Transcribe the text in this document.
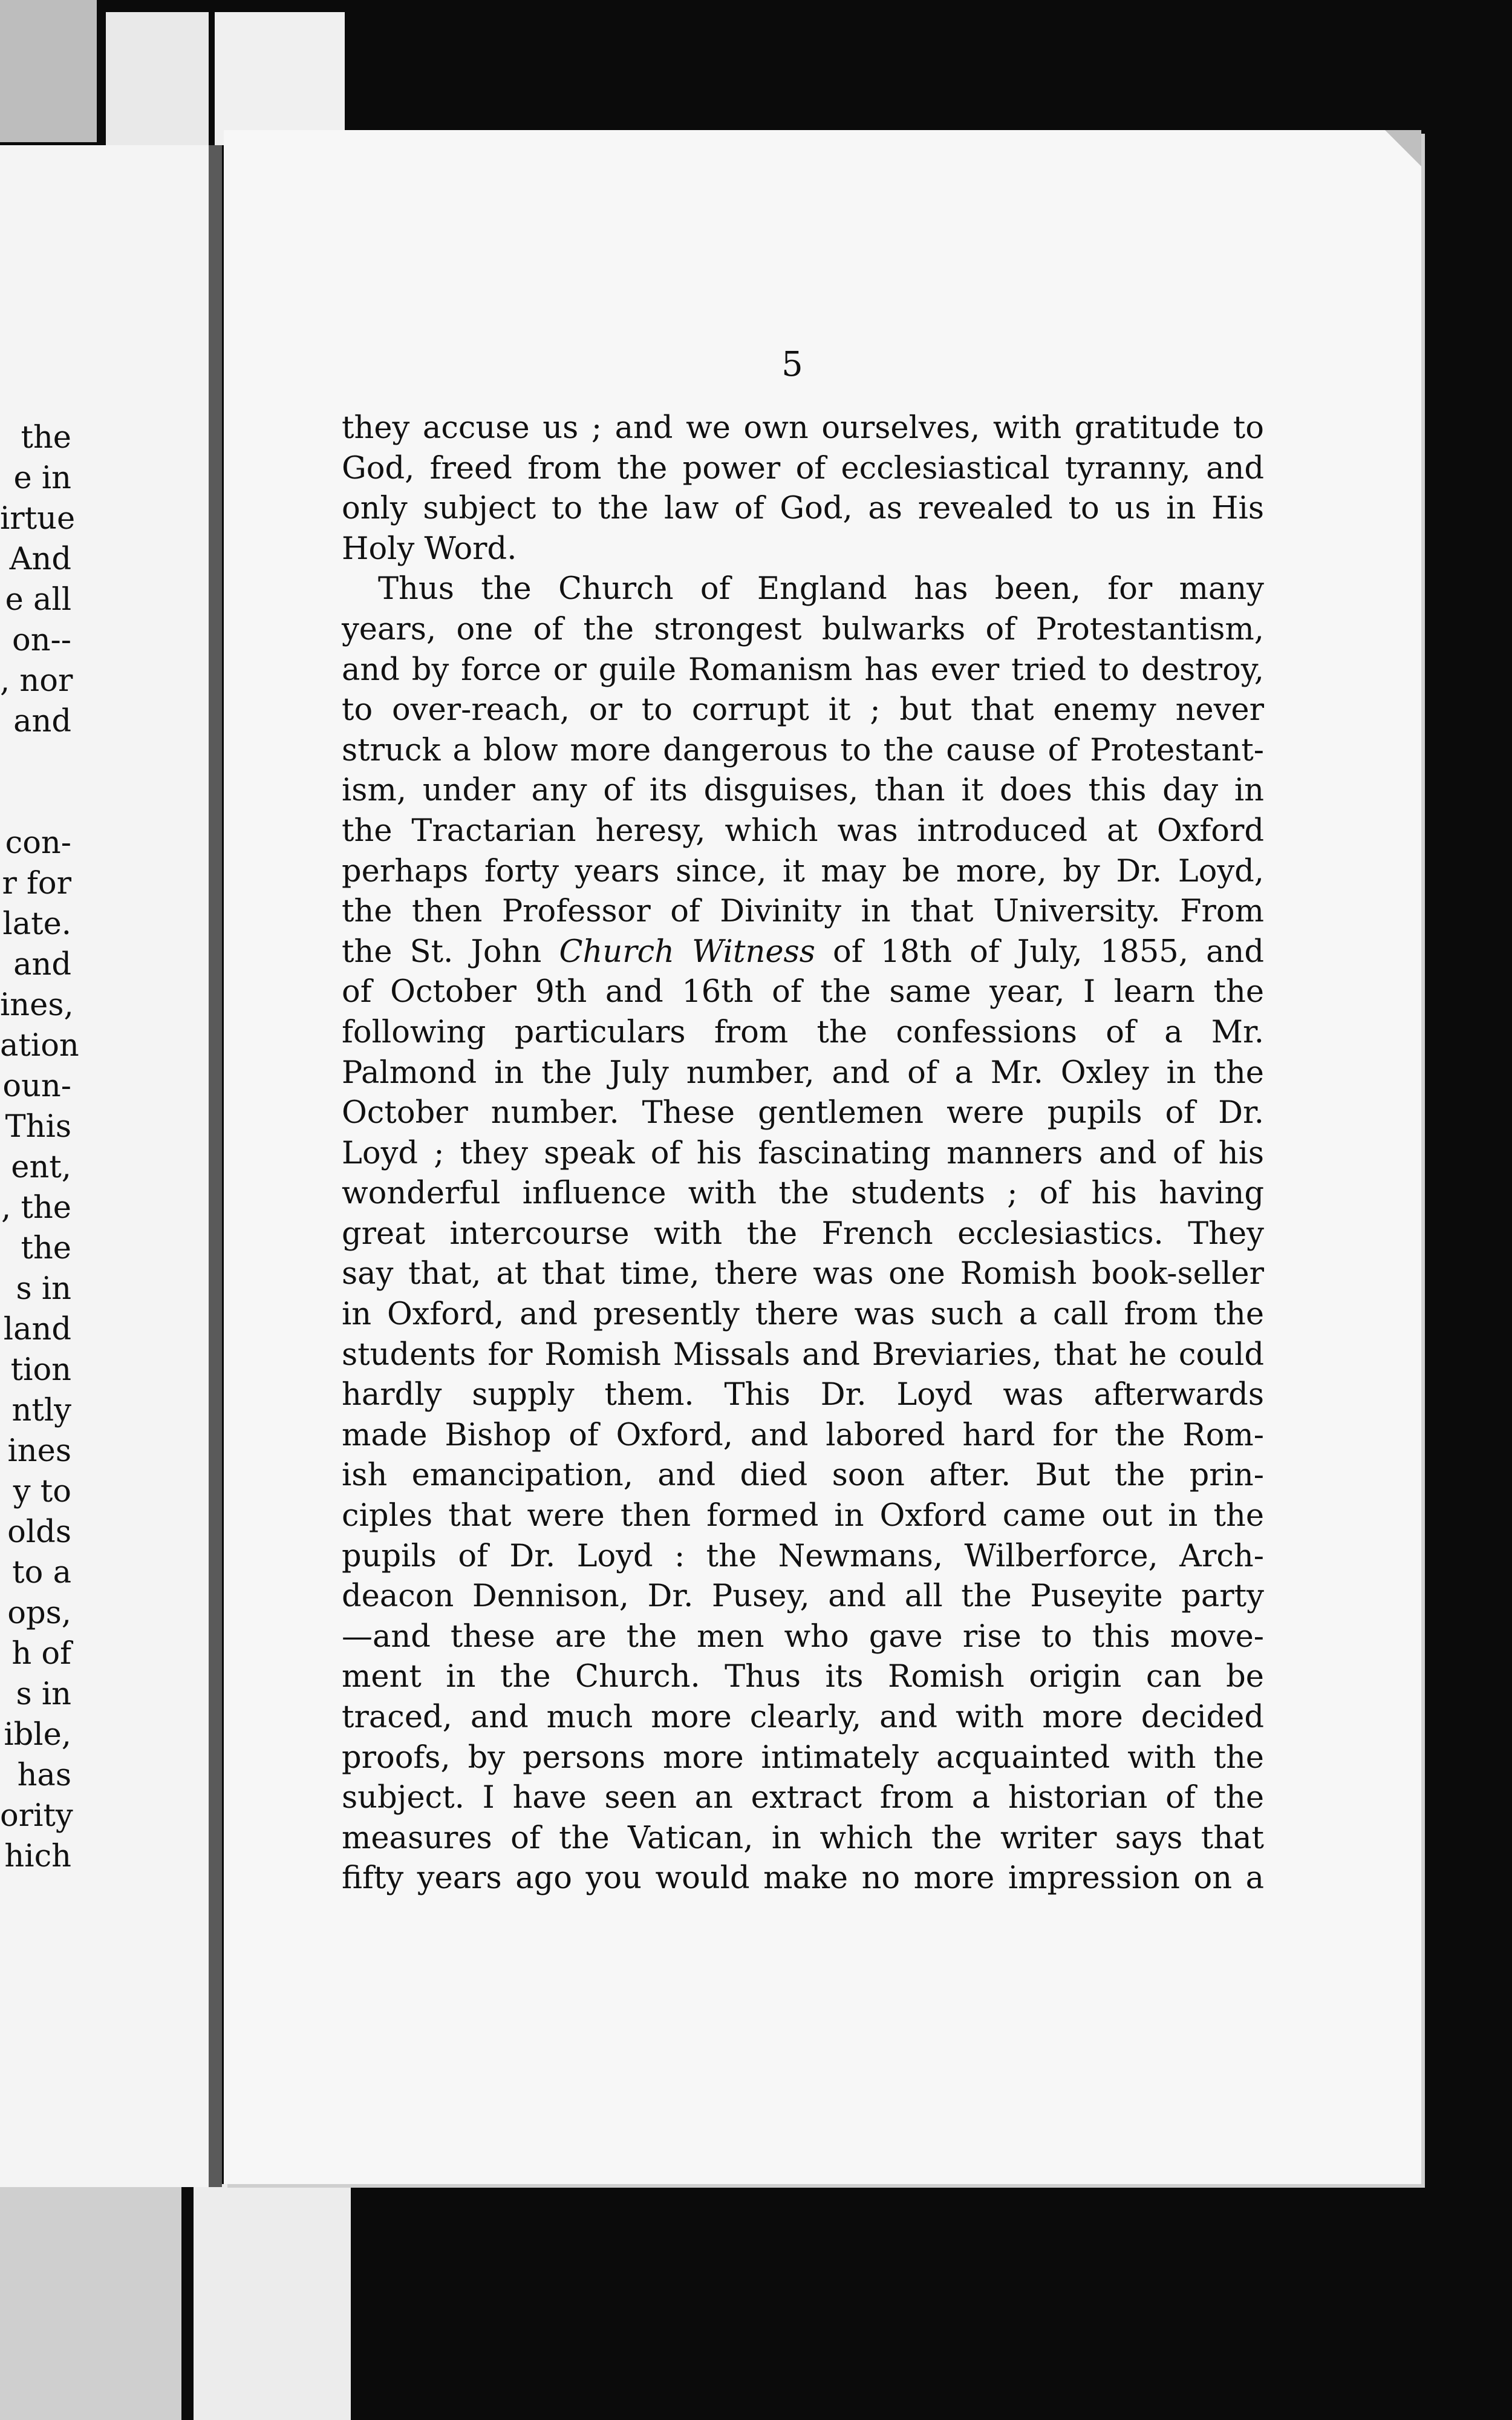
the
e in
irtue
And
e all
on--
, nor
and
con-
r for
late.
and
ines,
ation
oun-
This
ent,
, the
the
s in
land
tion
ntly
ines
y to
olds
to a
ops,
h of
s in
ible,
has
ority
hich
5
they accuse us ; and we own ourselves, with gratitude to
God, freed from the power of ecclesiastical tyranny, and
only subject to the law of God, as revealed to us in His
Holy Word.
Thus the Church of England has been, for many
years, one of the strongest bulwarks of Protestantism,
and by force or guile Romanism has ever tried to destroy,
to over-reach, or to corrupt it ; but that enemy never
struck a blow more dangerous to the cause of Protestant-
ism, under any of its disguises, than it does this day in
the Tractarian heresy, which was introduced at Oxford
perhaps forty years since, it may be more, by Dr. Loyd,
the then Professor of Divinity in that University. From
the St. John Church Witness of 18th of July, 1855, and
of October 9th and 16th of the same year, I learn the
following particulars from the confessions of a Mr.
Palmond in the July number, and of a Mr. Oxley in the
October number. These gentlemen were pupils of Dr.
Loyd ; they speak of his fascinating manners and of his
wonderful influence with the students ; of his having
great intercourse with the French ecclesiastics. They
say that, at that time, there was one Romish book-seller
in Oxford, and presently there was such a call from the
students for Romish Missals and Breviaries, that he could
hardly supply them. This Dr. Loyd was afterwards
made Bishop of Oxford, and labored hard for the Rom-
ish emancipation, and died soon after. But the prin-
ciples that were then formed in Oxford came out in the
pupils of Dr. Loyd : the Newmans, Wilberforce, Arch-
deacon Dennison, Dr. Pusey, and all the Puseyite party
—and these are the men who gave rise to this move-
ment in the Church. Thus its Romish origin can be
traced, and much more clearly, and with more decided
proofs, by persons more intimately acquainted with the
subject. I have seen an extract from a historian of the
measures of the Vatican, in which the writer says that
fifty years ago you would make no more impression on a
